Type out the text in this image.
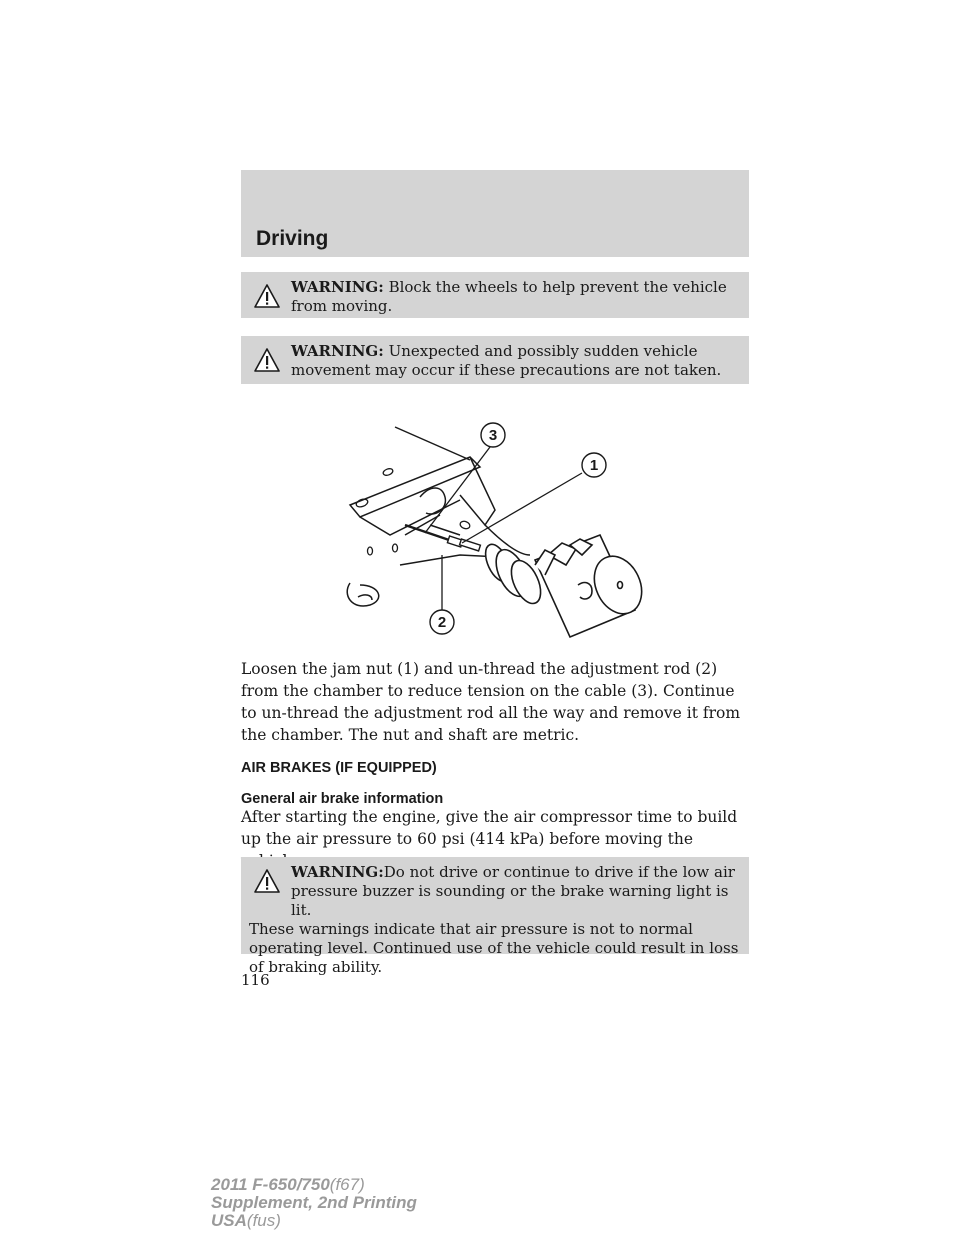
Driving
WARNING: Block the wheels to help prevent the vehicle from moving.
WARNING: Unexpected and possibly sudden vehicle movement may occur if these precautions are not taken.
3
1
2

Loosen the jam nut (1) and un-thread the adjustment rod (2) from the chamber to reduce tension on the cable (3). Continue to un-thread the adjustment rod all the way and remove it from the chamber. The nut and shaft are metric.

AIR BRAKES (IF EQUIPPED)
General air brake information

After starting the engine, give the air compressor time to build up the air pressure to 60 psi (414 kPa) before moving the

WARNING:Do not drive or continue to drive if the low air
pressure buzzer is sounding or the brake warning light is lit.
These warnings indicate that air pressure is not to normal operating level. Continued use of the vehicle could result in loss of braking ability.
116
2011 F-650/750(f67)
Supplement, 2nd Printing
USA(fus)
